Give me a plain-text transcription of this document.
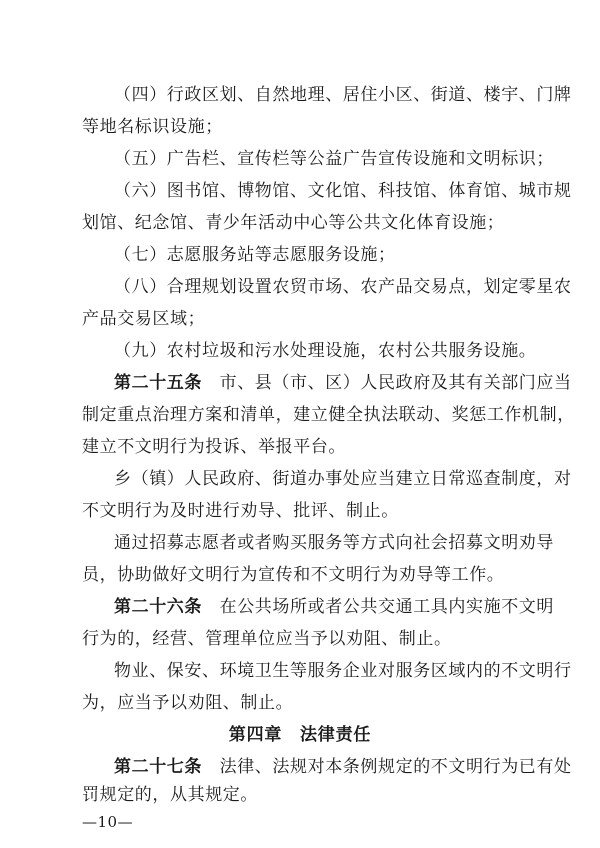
（四）行政区划、自然地理、居住小区、街道、楼宇、门牌
等地名标识设施；
（五）广告栏、宣传栏等公益广告宣传设施和文明标识；
（六）图书馆、博物馆、文化馆、科技馆、体育馆、城市规
划馆、纪念馆、青少年活动中心等公共文化体育设施；
（七）志愿服务站等志愿服务设施；
（八）合理规划设置农贸市场、农产品交易点，划定零星农
产品交易区域；
（九）农村垃圾和污水处理设施，农村公共服务设施。
第二十五条　 市、县（市、区）人民政府及其有关部门应当
制定重点治理方案和清单，建立健全执法联动、奖惩工作机制，
建立不文明行为投诉、举报平台。
乡（镇）人民政府、街道办事处应当建立日常巡查制度，对
不文明行为及时进行劝导、批评、制止。
通过招募志愿者或者购买服务等方式向社会招募文明劝导
员，协助做好文明行为宣传和不文明行为劝导等工作。
第二十六条　 在公共场所或者公共交通工具内实施不文明
行为的，经营、管理单位应当予以劝阻、制止。
物业、保安、环境卫生等服务企业对服务区域内的不文明行
为，应当予以劝阻、制止。
第四章　法律责任
第二十七条　 法律、法规对本条例规定的不文明行为已有处
—10—
罚规定的，从其规定。
